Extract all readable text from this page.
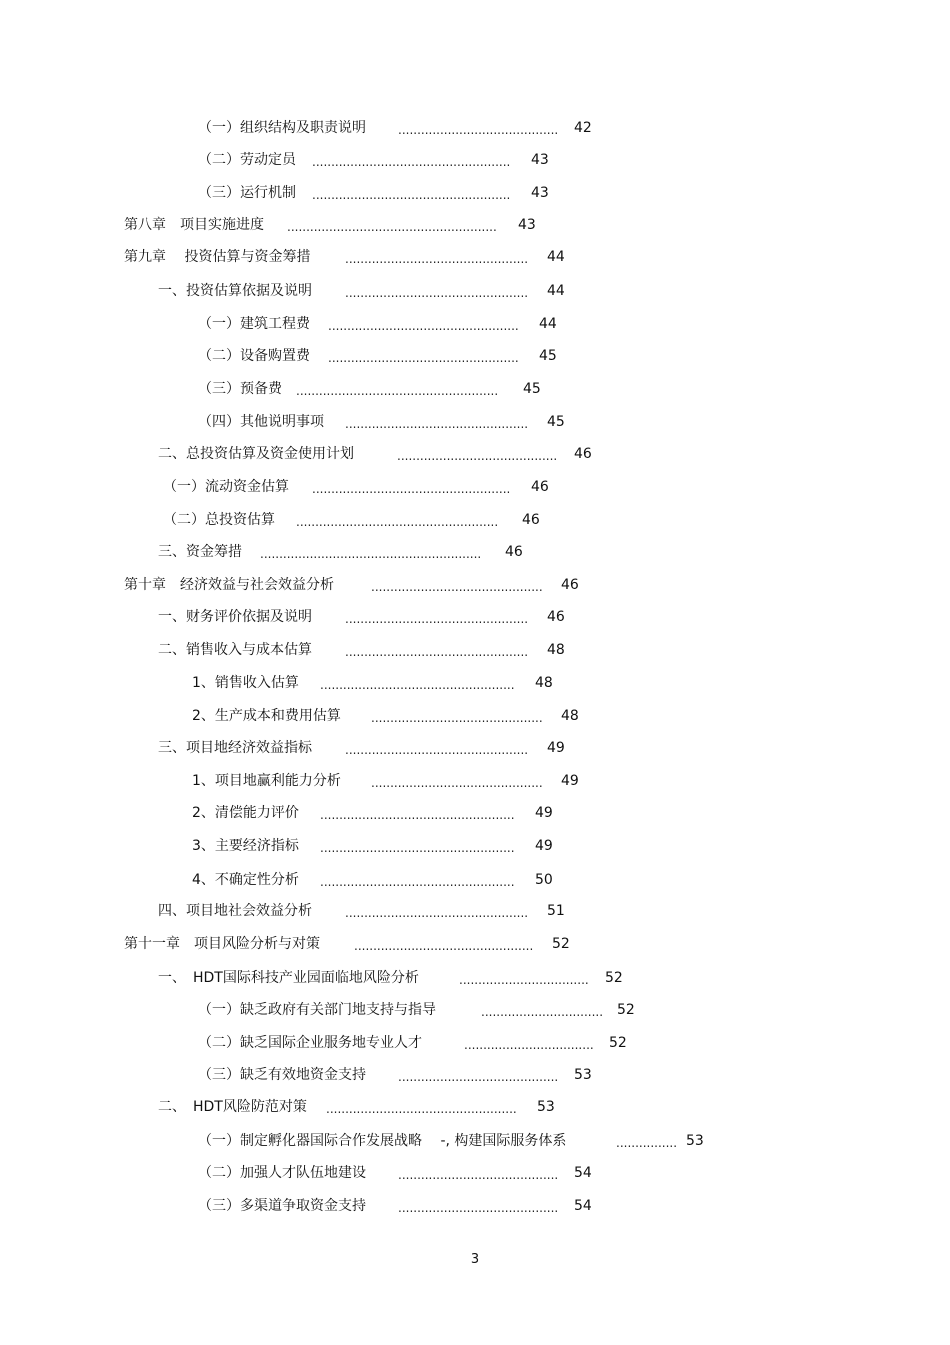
（一）组织结构及职责说明	..........................................	42
（二）劳动定员 ....................................................	43
（三）运行机制 ....................................................	43
第八章　项目实施进度 .......................................................	43
第九章　 投资估算与资金筹措	................................................	44
一、投资估算依据及说明	................................................	44
（一）建筑工程费 ..................................................	44
（二）设备购置费 ..................................................	45
（三）预备费 .....................................................	45
（四）其他说明事项 ................................................	45
二、总投资估算及资金使用计划	..........................................	46
（一）流动资金估算 ....................................................	46
（二）总投资估算 .....................................................	46
三、资金筹措 ..........................................................	46
第十章　经济效益与社会效益分析	.............................................	46
一、财务评价依据及说明	................................................	46
二、销售收入与成本估算	................................................	48
1、销售收入估算 ...................................................	48
2、生产成本和费用估算	.............................................	48
三、项目地经济效益指标	................................................	49
1、项目地赢利能力分析	.............................................	49
2、清偿能力评价 ...................................................	49
3、主要经济指标 ...................................................	49
4、不确定性分析 ...................................................	50
四、项目地社会效益分析	................................................	51
第十一章　项目风险分析与对策	...............................................	52
一、　HDT国际科技产业园面临地风险分析	..................................	52
（一）缺乏政府有关部门地支持与指导	................................ 52
（二）缺乏国际企业服务地专业人才	..................................	52
（三）缺乏有效地资金支持	..........................................	53
二、　HDT风险防范对策 ..................................................	53
（一）制定孵化器国际合作发展战略　 -, 构建国际服务体系	................ 53
（二）加强人才队伍地建设	..........................................	54
（三）多渠道争取资金支持	..........................................	54
3
